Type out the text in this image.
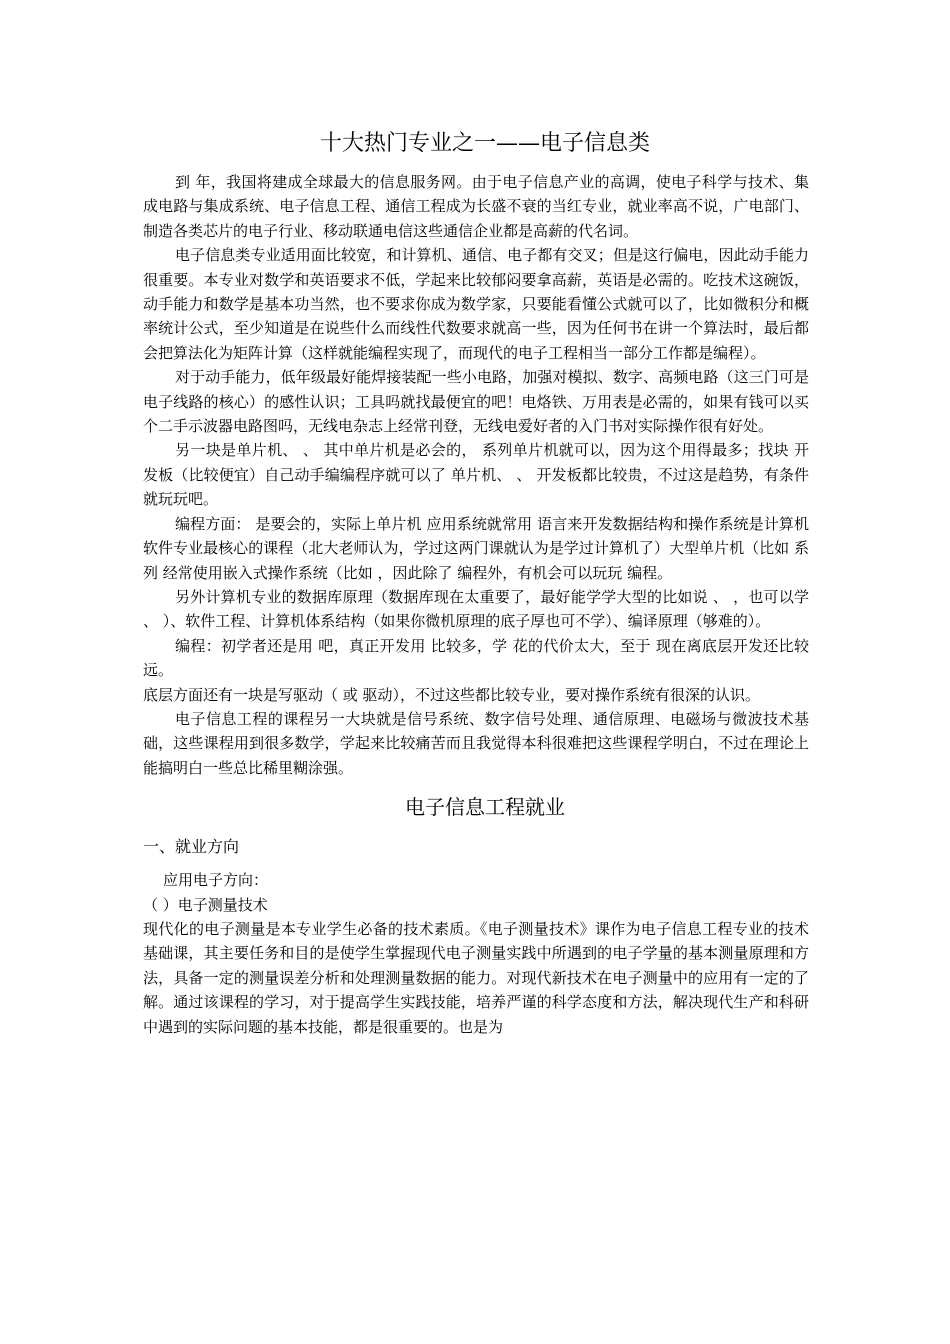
十大热门专业之一——电子信息类

到 年，我国将建成全球最大的信息服务网。由于电子信息产业的高调，使电子科学与技术、集成电路与集成系统、电子信息工程、通信工程成为长盛不衰的当红专业，就业率高不说，广电部门、制造各类芯片的电子行业、移动联通电信这些通信企业都是高薪的代名词。

电子信息类专业适用面比较宽，和计算机、通信、电子都有交叉；但是这行偏电，因此动手能力很重要。本专业对数学和英语要求不低，学起来比较郁闷要拿高薪，英语是必需的。吃技术这碗饭，动手能力和数学是基本功当然，也不要求你成为数学家，只要能看懂公式就可以了，比如微积分和概率统计公式，至少知道是在说些什么而线性代数要求就高一些，因为任何书在讲一个算法时，最后都会把算法化为矩阵计算（这样就能编程实现了，而现代的电子工程相当一部分工作都是编程）。

对于动手能力，低年级最好能焊接装配一些小电路，加强对模拟、数字、高频电路（这三门可是电子线路的核心）的感性认识；工具吗就找最便宜的吧！电烙铁、万用表是必需的，如果有钱可以买个二手示波器电路图吗，无线电杂志上经常刊登，无线电爱好者的入门书对实际操作很有好处。

另一块是单片机、 、 其中单片机是必会的， 系列单片机就可以，因为这个用得最多；找块 开发板（比较便宜）自己动手编编程序就可以了 单片机、 、 开发板都比较贵，不过这是趋势，有条件就玩玩吧。

编程方面： 是要会的，实际上单片机 应用系统就常用 语言来开发数据结构和操作系统是计算机软件专业最核心的课程（北大老师认为，学过这两门课就认为是学过计算机了）大型单片机（比如 系列 经常使用嵌入式操作系统（比如 ，因此除了 编程外，有机会可以玩玩 编程。

另外计算机专业的数据库原理（数据库现在太重要了，最好能学学大型的比如说 、 ，也可以学 、 ）、软件工程、计算机体系结构（如果你微机原理的底子厚也可不学）、编译原理（够难的）。

编程：初学者还是用 吧，真正开发用 比较多，学 花的代价太大，至于 现在离底层开发还比较远。

底层方面还有一块是写驱动（ 或 驱动），不过这些都比较专业，要对操作系统有很深的认识。

电子信息工程的课程另一大块就是信号系统、数字信号处理、通信原理、电磁场与微波技术基础，这些课程用到很多数学，学起来比较痛苦而且我觉得本科很难把这些课程学明白，不过在理论上能搞明白一些总比稀里糊涂强。

电子信息工程就业

一、就业方向

应用电子方向：

（ ）电子测量技术

现代化的电子测量是本专业学生必备的技术素质。《电子测量技术》课作为电子信息工程专业的技术基础课，其主要任务和目的是使学生掌握现代电子测量实践中所遇到的电子学量的基本测量原理和方法，具备一定的测量误差分析和处理测量数据的能力。对现代新技术在电子测量中的应用有一定的了解。通过该课程的学习，对于提高学生实践技能，培养严谨的科学态度和方法，解决现代生产和科研中遇到的实际问题的基本技能，都是很重要的。也是为
